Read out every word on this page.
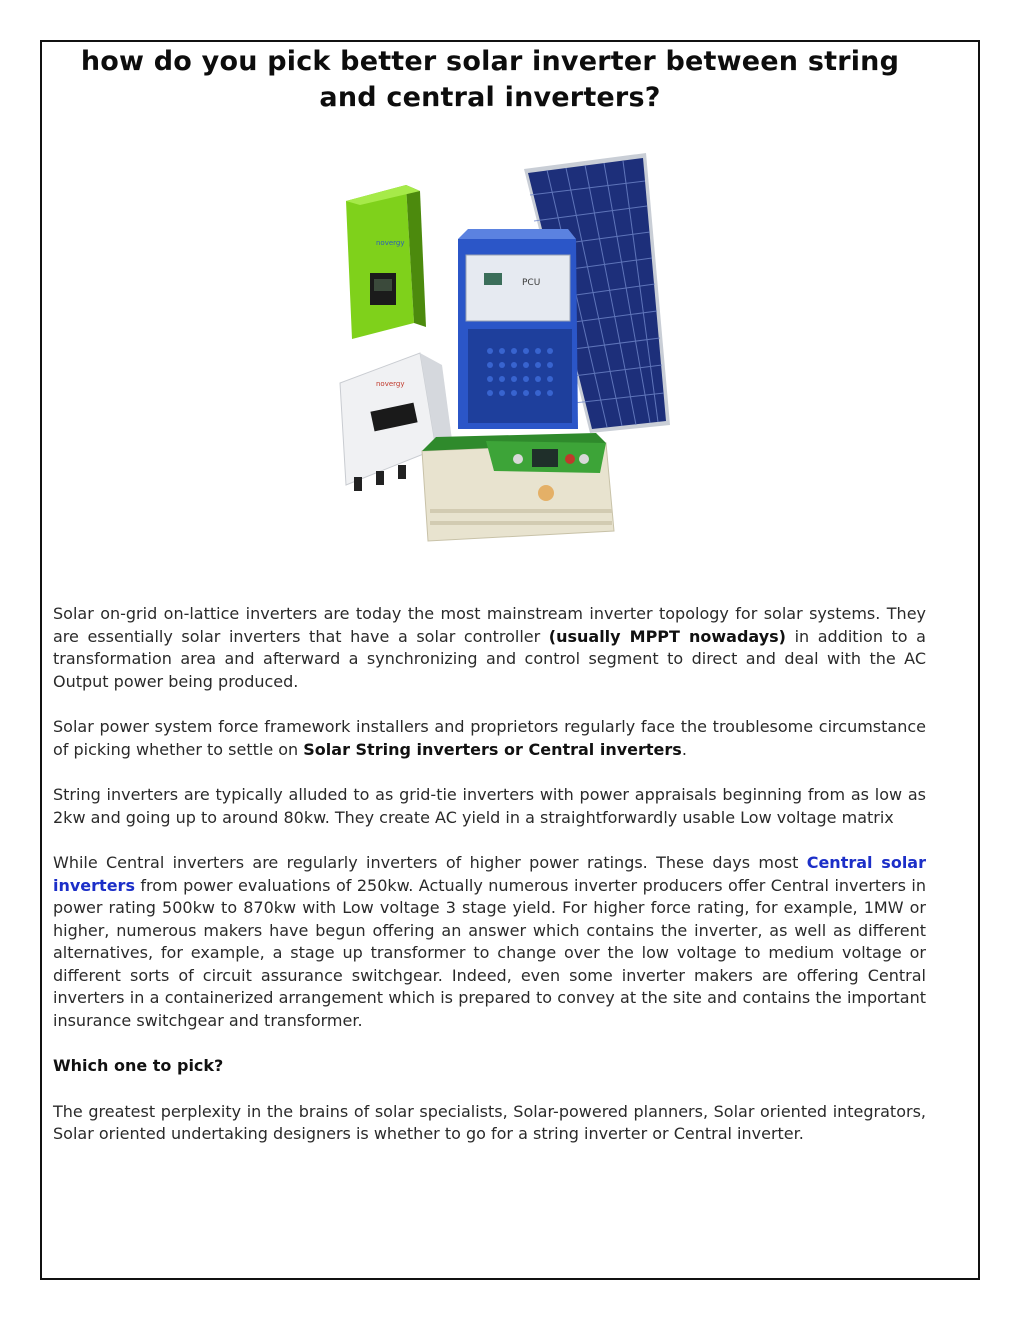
how do you pick better solar inverter between string and central inverters?
novergy
novergy
PCU

Solar on-grid on-lattice inverters are today the most mainstream inverter topology for solar systems. They are essentially solar inverters that have a solar controller (usually MPPT nowadays) in addition to a transformation area and afterward a synchronizing and control segment to direct and deal with the AC Output power being produced.

Solar power system force framework installers and proprietors regularly face the troublesome circumstance of picking whether to settle on Solar String inverters or Central inverters.

String inverters are typically alluded to as grid-tie inverters with power appraisals beginning from as low as 2kw and going up to around 80kw. They create AC yield in a straightforwardly usable Low voltage matrix

While Central inverters are regularly inverters of higher power ratings. These days most Central solar inverters from power evaluations of 250kw. Actually numerous inverter producers offer Central inverters in power rating 500kw to 870kw with Low voltage 3 stage yield. For higher force rating, for example, 1MW or higher, numerous makers have begun offering an answer which contains the inverter, as well as different alternatives, for example, a stage up transformer to change over the low voltage to medium voltage or different sorts of circuit assurance switchgear. Indeed, even some inverter makers are offering Central inverters in a containerized arrangement which is prepared to convey at the site and contains the important insurance switchgear and transformer.

Which one to pick?

The greatest perplexity in the brains of solar specialists, Solar-powered planners, Solar oriented integrators, Solar oriented undertaking designers is whether to go for a string inverter or Central inverter.
